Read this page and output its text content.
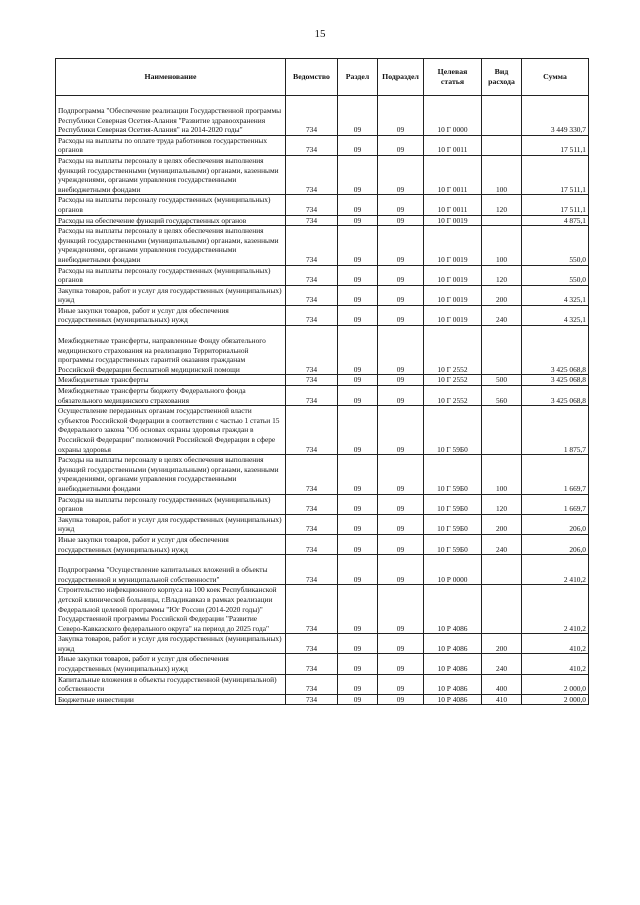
15
Наименование	Ведомство	Раздел	Подраздел	Целевая статья	Вид расхода	Сумма
Подпрограмма "Обеспечение реализации Государственной программы Республики Северная Осетия-Алания "Развитие здравоохранения Республики Северная Осетия-Алания" на 2014-2020 годы"	734	09	09	10 Г 0000		3 449 330,7
Расходы на выплаты по оплате труда работников государственных органов	734	09	09	10 Г 0011		17 511,1
Расходы на выплаты персоналу в целях обеспечения выполнения функций государственными (муниципальными) органами, казенными учреждениями, органами управления государственными внебюджетными фондами	734	09	09	10 Г 0011	100	17 511,1
Расходы на выплаты персоналу государственных (муниципальных) органов	734	09	09	10 Г 0011	120	17 511,1
Расходы на обеспечение функций государственных органов	734	09	09	10 Г 0019		4 875,1
Расходы на выплаты персоналу в целях обеспечения выполнения функций государственными (муниципальными) органами, казенными учреждениями, органами управления государственными внебюджетными фондами	734	09	09	10 Г 0019	100	550,0
Расходы на выплаты персоналу государственных (муниципальных) органов	734	09	09	10 Г 0019	120	550,0
Закупка товаров, работ и услуг для государственных (муниципальных) нужд	734	09	09	10 Г 0019	200	4 325,1
Иные закупки товаров, работ и услуг для обеспечения государственных (муниципальных) нужд	734	09	09	10 Г 0019	240	4 325,1
Межбюджетные трансферты, направленные Фонду обязательного медицинского страхования на реализацию Территориальной программы государственных гарантий оказания гражданам Российской Федерации бесплатной медицинской помощи	734	09	09	10 Г 2552		3 425 068,8
Межбюджетные трансферты	734	09	09	10 Г 2552	500	3 425 068,8
Межбюджетные трансферты бюджету Федерального фонда обязательного медицинского страхования	734	09	09	10 Г 2552	560	3 425 068,8
Осуществление переданных органам государственной власти субъектов Российской Федерации в соответствии с частью 1 статьи 15 Федерального закона "Об основах охраны здоровья граждан в Российской Федерации" полномочий Российской Федерации в сфере охраны здоровья	734	09	09	10 Г 59Б0		1 875,7
Расходы на выплаты персоналу в целях обеспечения выполнения функций государственными (муниципальными) органами, казенными учреждениями, органами управления государственными внебюджетными фондами	734	09	09	10 Г 59Б0	100	1 669,7
Расходы на выплаты персоналу государственных (муниципальных) органов	734	09	09	10 Г 59Б0	120	1 669,7
Закупка товаров, работ и услуг для государственных (муниципальных) нужд	734	09	09	10 Г 59Б0	200	206,0
Иные закупки товаров, работ и услуг для обеспечения государственных (муниципальных) нужд	734	09	09	10 Г 59Б0	240	206,0
Подпрограмма "Осуществление капитальных вложений в объекты государственной и муниципальной собственности"	734	09	09	10 Р 0000		2 410,2
Строительство инфекционного корпуса на 100 коек Республиканской детской клинической больницы, г.Владикавказ в рамках реализации Федеральной целевой программы "Юг России (2014-2020 годы)" Государственной программы Российской Федерации "Развитие Северо-Кавказского федерального округа" на период до 2025 года"	734	09	09	10 Р 4086		2 410,2
Закупка товаров, работ и услуг для государственных (муниципальных) нужд	734	09	09	10 Р 4086	200	410,2
Иные закупки товаров, работ и услуг для обеспечения государственных (муниципальных) нужд	734	09	09	10 Р 4086	240	410,2
Капитальные вложения в объекты государственной (муниципальной) собственности	734	09	09	10 Р 4086	400	2 000,0
Бюджетные инвестиции	734	09	09	10 Р 4086	410	2 000,0
